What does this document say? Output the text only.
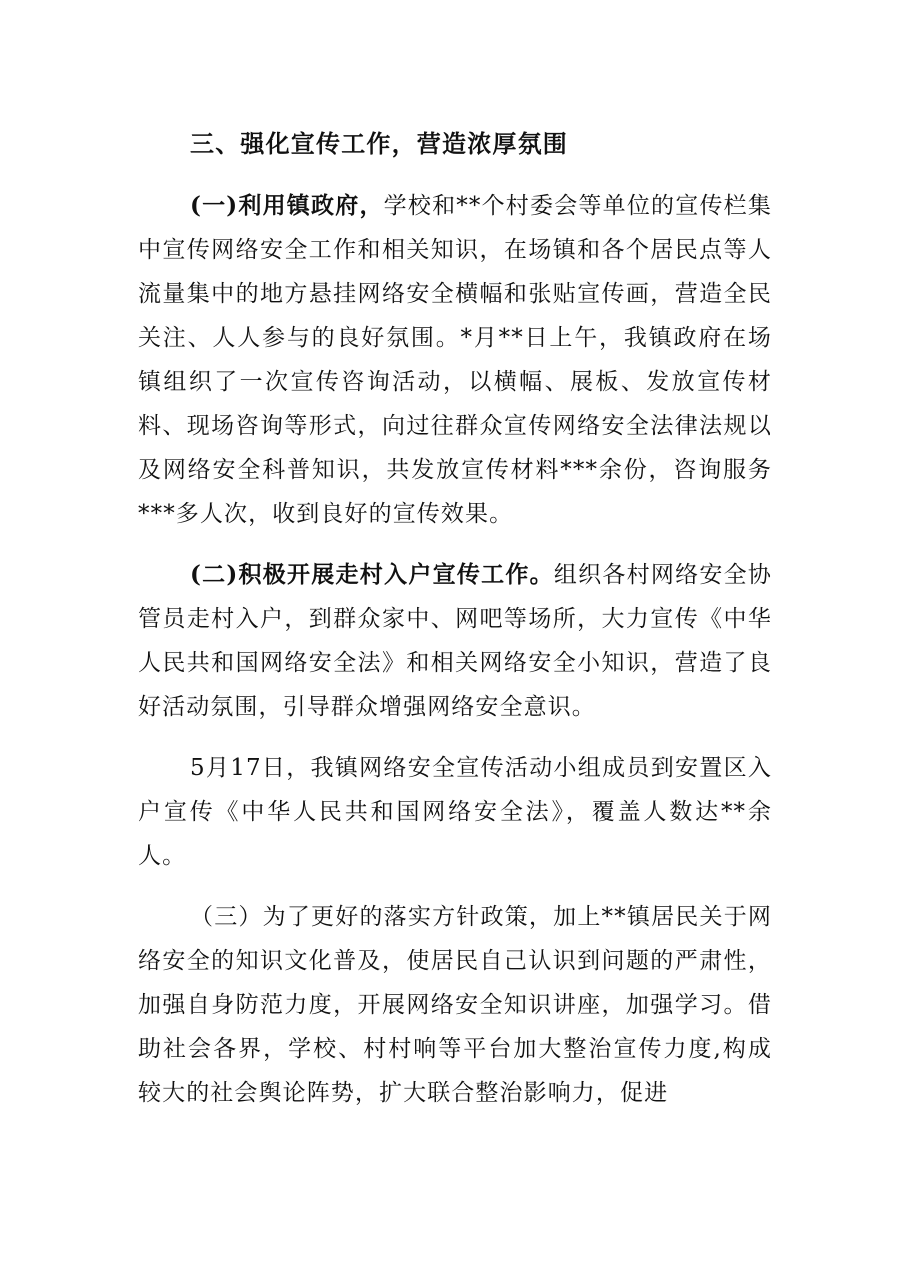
三、强化宣传工作，营造浓厚氛围

(一)利用镇政府，学校和**个村委会等单位的宣传栏集中宣传网络安全工作和相关知识，在场镇和各个居民点等人流量集中的地方悬挂网络安全横幅和张贴宣传画，营造全民关注、人人参与的良好氛围。*月**日上午，我镇政府在场镇组织了一次宣传咨询活动，以横幅、展板、发放宣传材料、现场咨询等形式，向过往群众宣传网络安全法律法规以及网络安全科普知识，共发放宣传材料***余份，咨询服务***多人次，收到良好的宣传效果。

(二)积极开展走村入户宣传工作。组织各村网络安全协管员走村入户，到群众家中、网吧等场所，大力宣传《中华人民共和国网络安全法》和相关网络安全小知识，营造了良好活动氛围，引导群众增强网络安全意识。

5月17日，我镇网络安全宣传活动小组成员到安置区入户宣传《中华人民共和国网络安全法》，覆盖人数达**余人。

（三）为了更好的落实方针政策，加上**镇居民关于网络安全的知识文化普及，使居民自己认识到问题的严肃性，加强自身防范力度，开展网络安全知识讲座，加强学习。借助社会各界，学校、村村响等平台加大整治宣传力度,构成较大的社会舆论阵势，扩大联合整治影响力，促进
